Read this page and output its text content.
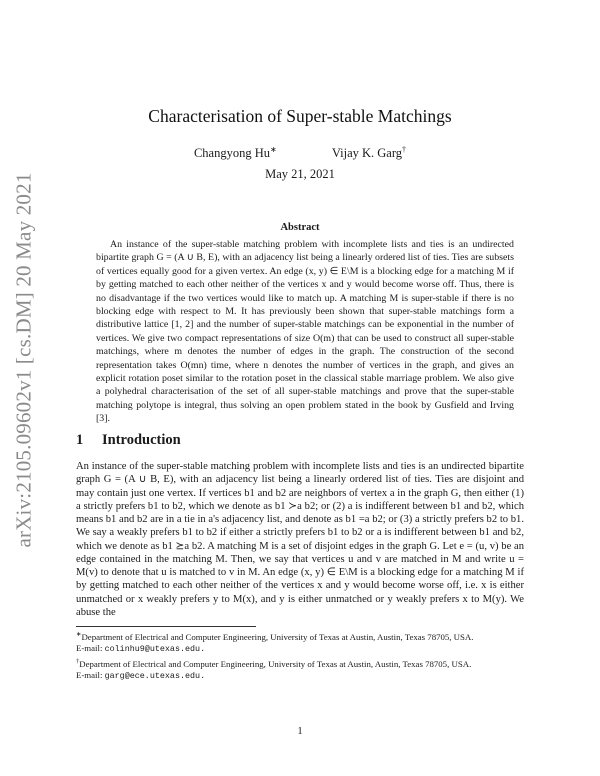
arXiv:2105.09602v1 [cs.DM] 20 May 2021
Characterisation of Super-stable Matchings
Changyong Hu∗	Vijay K. Garg†
May 21, 2021
Abstract

An instance of the super-stable matching problem with incomplete lists and ties is an undirected bipartite graph G = (A ∪ B, E), with an adjacency list being a linearly ordered list of ties. Ties are subsets of vertices equally good for a given vertex. An edge (x, y) ∈ E\M is a blocking edge for a matching M if by getting matched to each other neither of the vertices x and y would become worse off. Thus, there is no disadvantage if the two vertices would like to match up. A matching M is super-stable if there is no blocking edge with respect to M. It has previously been shown that super-stable matchings form a distributive lattice [1, 2] and the number of super-stable matchings can be exponential in the number of vertices. We give two compact representations of size O(m) that can be used to construct all super-stable matchings, where m denotes the number of edges in the graph. The construction of the second representation takes O(mn) time, where n denotes the number of vertices in the graph, and gives an explicit rotation poset similar to the rotation poset in the classical stable marriage problem. We also give a polyhedral characterisation of the set of all super-stable matchings and prove that the super-stable matching polytope is integral, thus solving an open problem stated in the book by Gusfield and Irving [3].

1 Introduction

An instance of the super-stable matching problem with incomplete lists and ties is an undirected bipartite graph G = (A ∪ B, E), with an adjacency list being a linearly ordered list of ties. Ties are disjoint and may contain just one vertex. If vertices b1 and b2 are neighbors of vertex a in the graph G, then either (1) a strictly prefers b1 to b2, which we denote as b1 ≻a b2; or (2) a is indifferent between b1 and b2, which means b1 and b2 are in a tie in a's adjacency list, and denote as b1 =a b2; or (3) a strictly prefers b2 to b1. We say a weakly prefers b1 to b2 if either a strictly prefers b1 to b2 or a is indifferent between b1 and b2, which we denote as b1 ⪰a b2. A matching M is a set of disjoint edges in the graph G. Let e = (u, v) be an edge contained in the matching M. Then, we say that vertices u and v are matched in M and write u = M(v) to denote that u is matched to v in M. An edge (x, y) ∈ E\M is a blocking edge for a matching M if by getting matched to each other neither of the vertices x and y would become worse off, i.e. x is either unmatched or x weakly prefers y to M(x), and y is either unmatched or y weakly prefers x to M(y). We abuse the

∗Department of Electrical and Computer Engineering, University of Texas at Austin, Austin, Texas 78705, USA.
E-mail: colinhu9@utexas.edu.

†Department of Electrical and Computer Engineering, University of Texas at Austin, Austin, Texas 78705, USA.
E-mail: garg@ece.utexas.edu.

1
